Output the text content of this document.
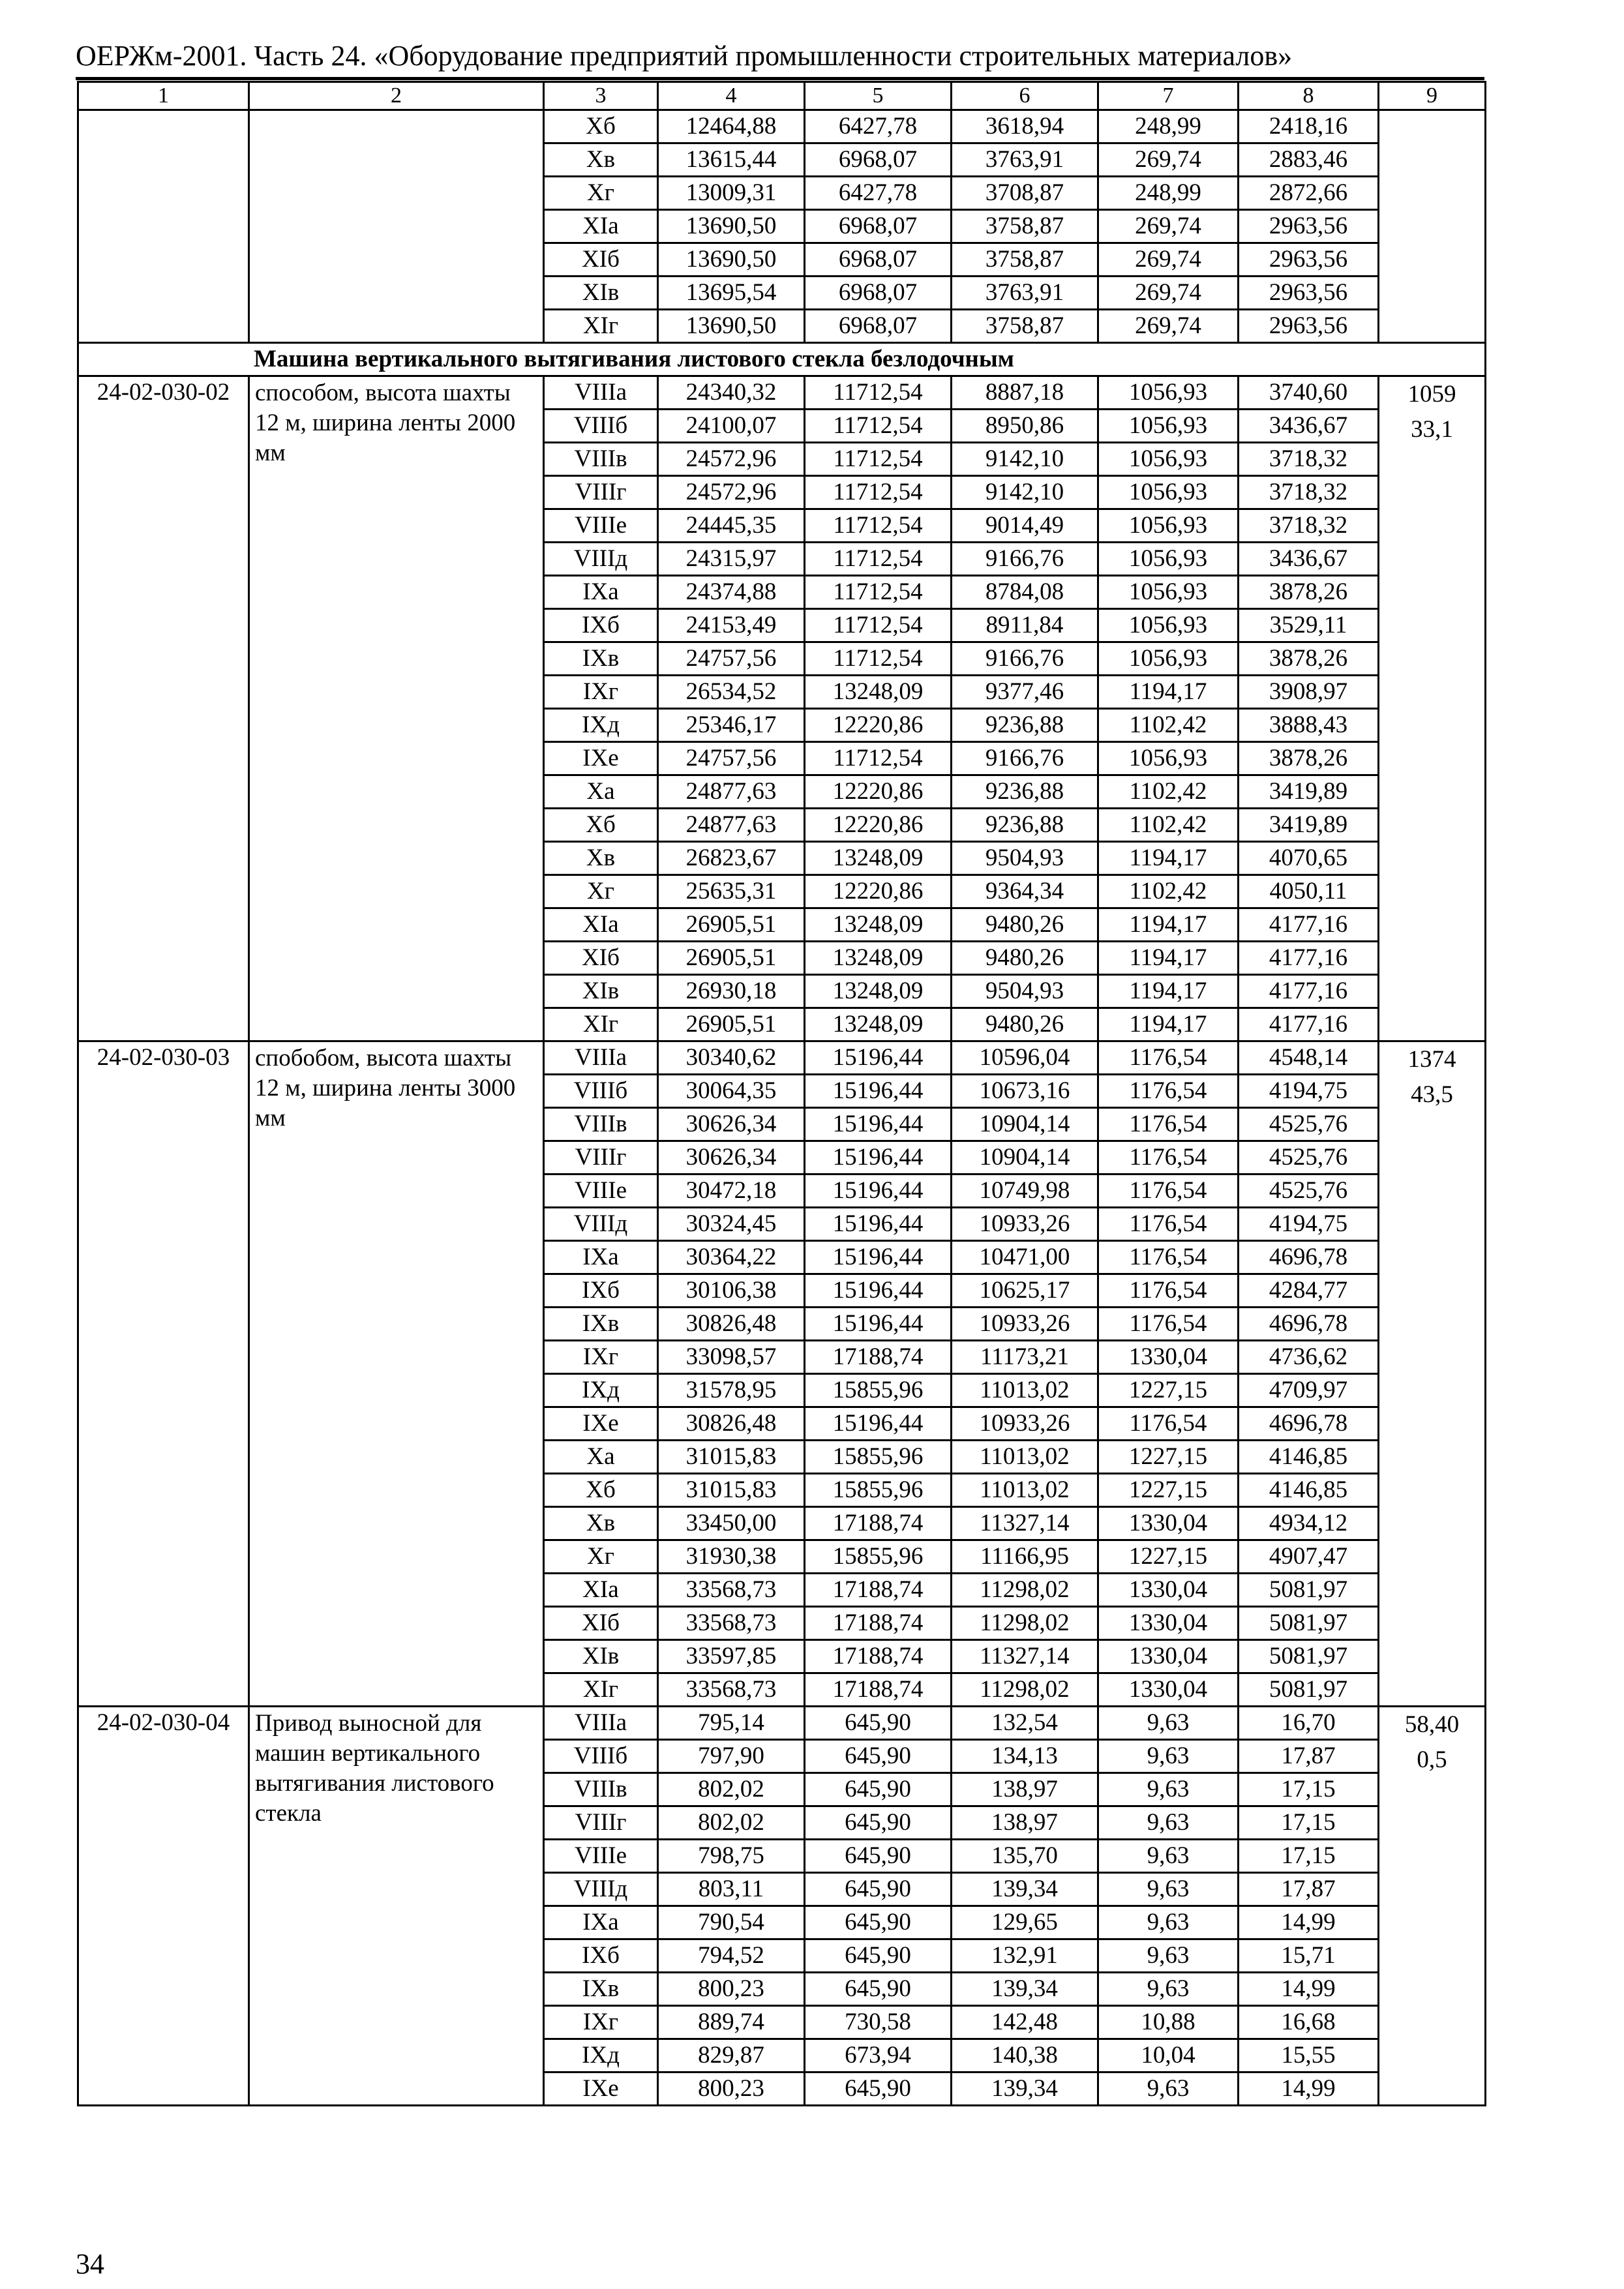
ОЕРЖм-2001. Часть 24. «Оборудование предприятий промышленности строительных материалов»
1	2	3	4	5	6	7	8	9
		Хб	12464,88	6427,78	3618,94	248,99	2418,16	
		Хв	13615,44	6968,07	3763,91	269,74	2883,46	
		Хг	13009,31	6427,78	3708,87	248,99	2872,66	
		ХIа	13690,50	6968,07	3758,87	269,74	2963,56	
		ХIб	13690,50	6968,07	3758,87	269,74	2963,56	
		ХIв	13695,54	6968,07	3763,91	269,74	2963,56	
		ХIг	13690,50	6968,07	3758,87	269,74	2963,56	
Машина вертикального вытягивания листового стекла безлодочным								
24-02-030-02	способом, высота шахты 12 м, ширина ленты 2000 мм	VIIIа	24340,32	11712,54	8887,18	1056,93	3740,60	1059
33,1

		VIIIб	24100,07	11712,54	8950,86	1056,93	3436,67	
		VIIIв	24572,96	11712,54	9142,10	1056,93	3718,32	
		VIIIг	24572,96	11712,54	9142,10	1056,93	3718,32	
		VIIIе	24445,35	11712,54	9014,49	1056,93	3718,32	
		VIIIд	24315,97	11712,54	9166,76	1056,93	3436,67	
		IХа	24374,88	11712,54	8784,08	1056,93	3878,26	
		IХб	24153,49	11712,54	8911,84	1056,93	3529,11	
		IХв	24757,56	11712,54	9166,76	1056,93	3878,26	
		IХг	26534,52	13248,09	9377,46	1194,17	3908,97	
		IХд	25346,17	12220,86	9236,88	1102,42	3888,43	
		IХе	24757,56	11712,54	9166,76	1056,93	3878,26	
		Ха	24877,63	12220,86	9236,88	1102,42	3419,89	
		Хб	24877,63	12220,86	9236,88	1102,42	3419,89	
		Хв	26823,67	13248,09	9504,93	1194,17	4070,65	
		Хг	25635,31	12220,86	9364,34	1102,42	4050,11	
		ХIа	26905,51	13248,09	9480,26	1194,17	4177,16	
		ХIб	26905,51	13248,09	9480,26	1194,17	4177,16	
		ХIв	26930,18	13248,09	9504,93	1194,17	4177,16	
		ХIг	26905,51	13248,09	9480,26	1194,17	4177,16	
24-02-030-03	спобобом, высота шахты 12 м, ширина ленты 3000 мм	VIIIа	30340,62	15196,44	10596,04	1176,54	4548,14	1374
43,5

		VIIIб	30064,35	15196,44	10673,16	1176,54	4194,75	
		VIIIв	30626,34	15196,44	10904,14	1176,54	4525,76	
		VIIIг	30626,34	15196,44	10904,14	1176,54	4525,76	
		VIIIе	30472,18	15196,44	10749,98	1176,54	4525,76	
		VIIIд	30324,45	15196,44	10933,26	1176,54	4194,75	
		IХа	30364,22	15196,44	10471,00	1176,54	4696,78	
		IХб	30106,38	15196,44	10625,17	1176,54	4284,77	
		IХв	30826,48	15196,44	10933,26	1176,54	4696,78	
		IХг	33098,57	17188,74	11173,21	1330,04	4736,62	
		IХд	31578,95	15855,96	11013,02	1227,15	4709,97	
		IХе	30826,48	15196,44	10933,26	1176,54	4696,78	
		Ха	31015,83	15855,96	11013,02	1227,15	4146,85	
		Хб	31015,83	15855,96	11013,02	1227,15	4146,85	
		Хв	33450,00	17188,74	11327,14	1330,04	4934,12	
		Хг	31930,38	15855,96	11166,95	1227,15	4907,47	
		ХIа	33568,73	17188,74	11298,02	1330,04	5081,97	
		ХIб	33568,73	17188,74	11298,02	1330,04	5081,97	
		ХIв	33597,85	17188,74	11327,14	1330,04	5081,97	
		ХIг	33568,73	17188,74	11298,02	1330,04	5081,97	
24-02-030-04	Привод выносной для машин вертикального вытягивания листового стекла	VIIIа	795,14	645,90	132,54	9,63	16,70	58,40
0,5

		VIIIб	797,90	645,90	134,13	9,63	17,87	
		VIIIв	802,02	645,90	138,97	9,63	17,15	
		VIIIг	802,02	645,90	138,97	9,63	17,15	
		VIIIе	798,75	645,90	135,70	9,63	17,15	
		VIIIд	803,11	645,90	139,34	9,63	17,87	
		IХа	790,54	645,90	129,65	9,63	14,99	
		IХб	794,52	645,90	132,91	9,63	15,71	
		IХв	800,23	645,90	139,34	9,63	14,99	
		IХг	889,74	730,58	142,48	10,88	16,68	
		IХд	829,87	673,94	140,38	10,04	15,55	
		IХе	800,23	645,90	139,34	9,63	14,99	
34
